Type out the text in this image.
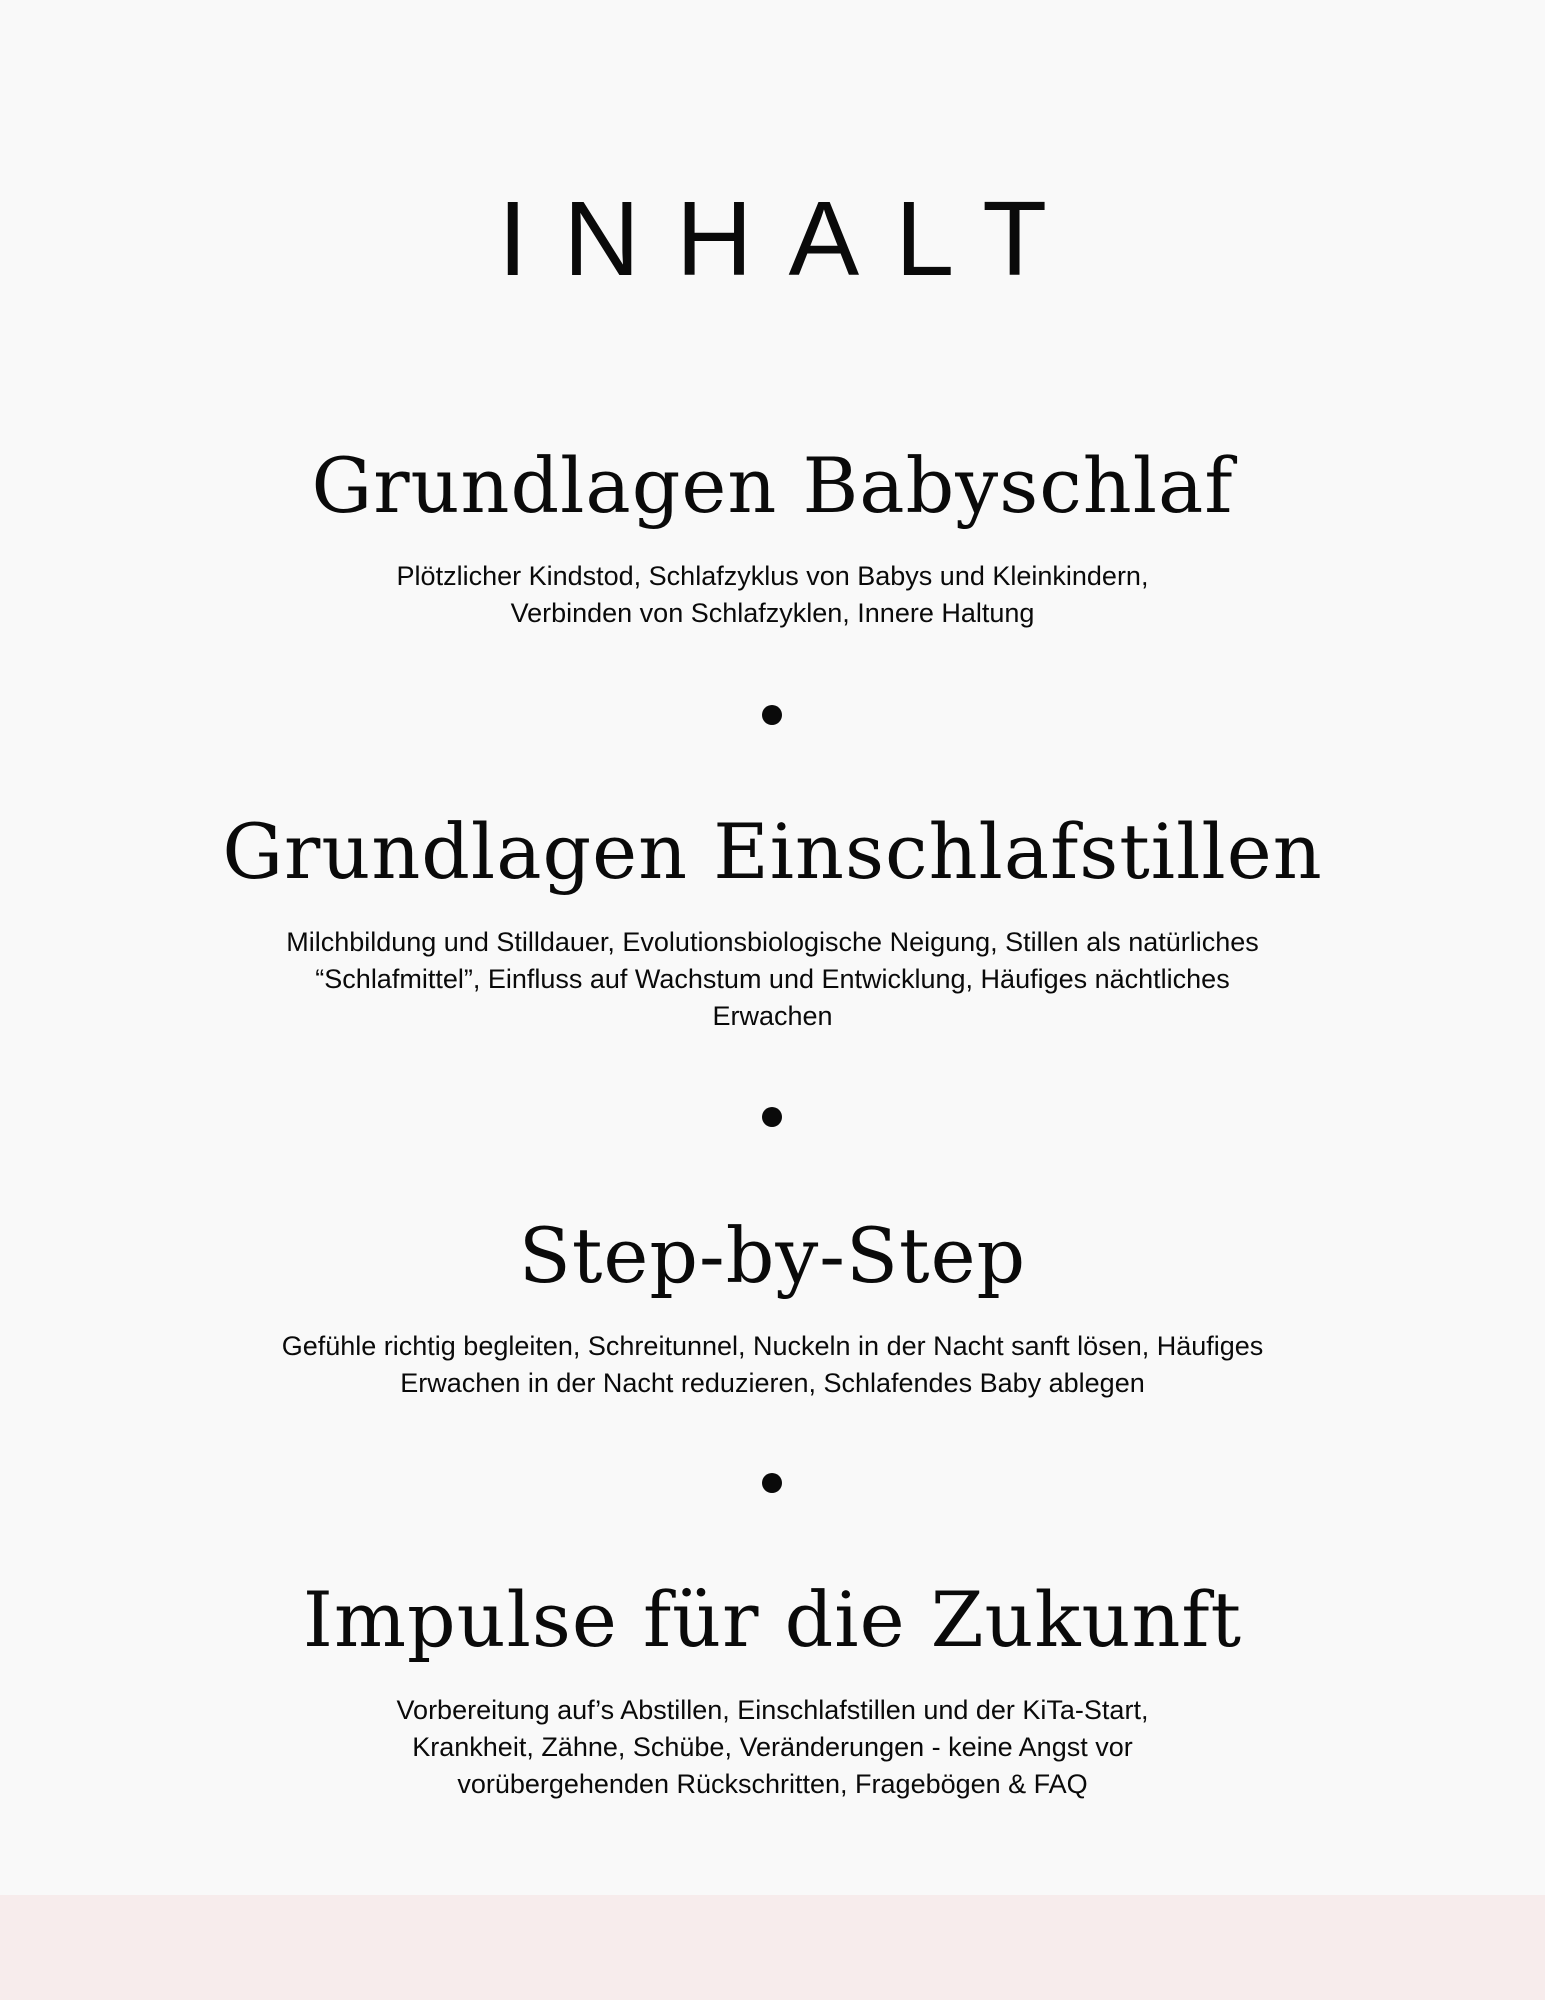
INHALT
Grundlagen Babyschlaf

Plötzlicher Kindstod, Schlafzyklus von Babys und Kleinkindern, Verbinden von Schlafzyklen, Innere Haltung

Grundlagen Einschlafstillen

Milchbildung und Stilldauer, Evolutionsbiologische Neigung, Stillen als natürliches “Schlafmittel”, Einfluss auf Wachstum und Entwicklung, Häufiges nächtliches Erwachen

Step-by-Step

Gefühle richtig begleiten, Schreitunnel, Nuckeln in der Nacht sanft lösen, Häufiges Erwachen in der Nacht reduzieren, Schlafendes Baby ablegen

Impulse für die Zukunft

Vorbereitung auf’s Abstillen, Einschlafstillen und der KiTa-Start, Krankheit, Zähne, Schübe, Veränderungen - keine Angst vor vorübergehenden Rückschritten, Fragebögen & FAQ
